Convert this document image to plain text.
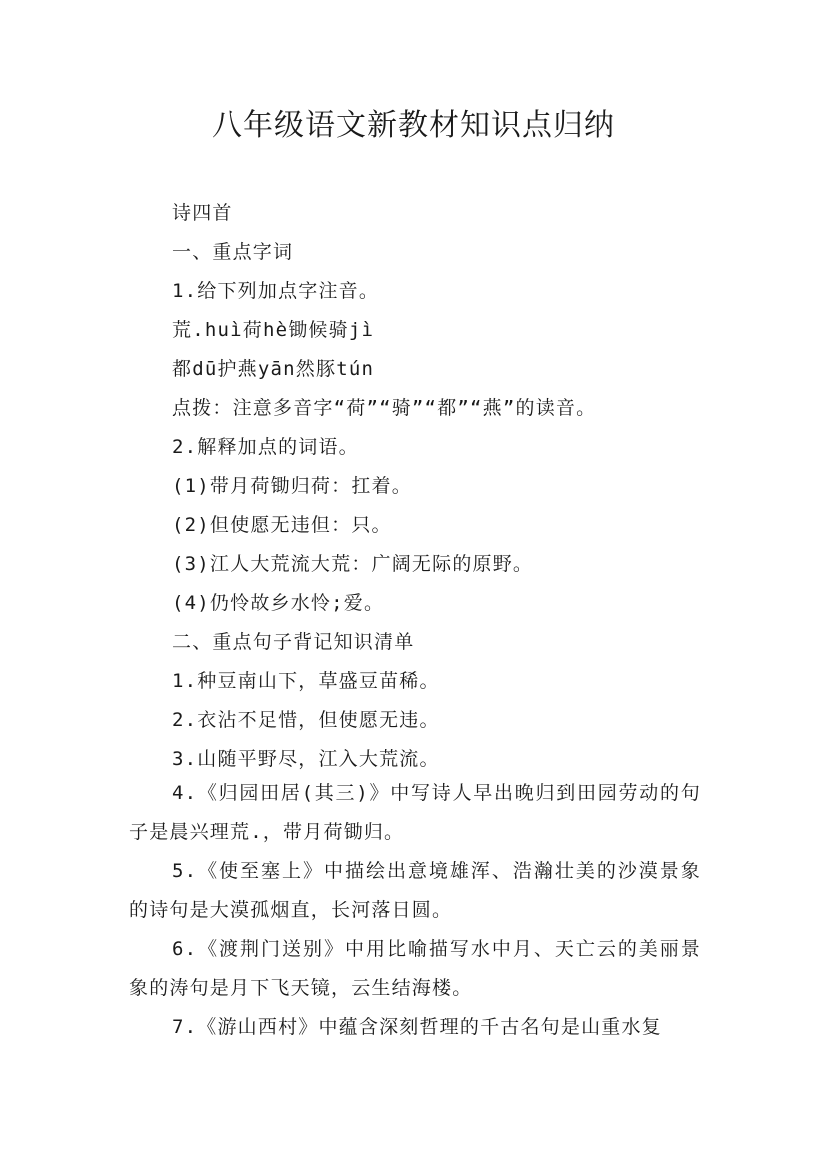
八年级语文新教材知识点归纳
诗四首
一、重点字词
1.给下列加点字注音。
荒.huì荷hè锄候骑jì
都dū护燕yān然豚tún
点拨：注意多音字“荷”“骑”“都”“燕”的读音。
2.解释加点的词语。
(1)带月荷锄归荷：扛着。
(2)但使愿无违但：只。
(3)江人大荒流大荒：广阔无际的原野。
(4)仍怜故乡水怜;爱。
二、重点句子背记知识清单
1.种豆南山下，草盛豆苗稀。
2.衣沾不足惜，但使愿无违。
3.山随平野尽，江入大荒流。
4.《归园田居(其三)》中写诗人早出晚归到田园劳动的句子是晨兴理荒.，带月荷锄归。
5.《使至塞上》中描绘出意境雄浑、浩瀚壮美的沙漠景象的诗句是大漠孤烟直，长河落日圆。
6.《渡荆门送别》中用比喻描写水中月、天亡云的美丽景象的涛句是月下飞天镜，云生结海楼。
7.《游山西村》中蕴含深刻哲理的千古名句是山重水复
